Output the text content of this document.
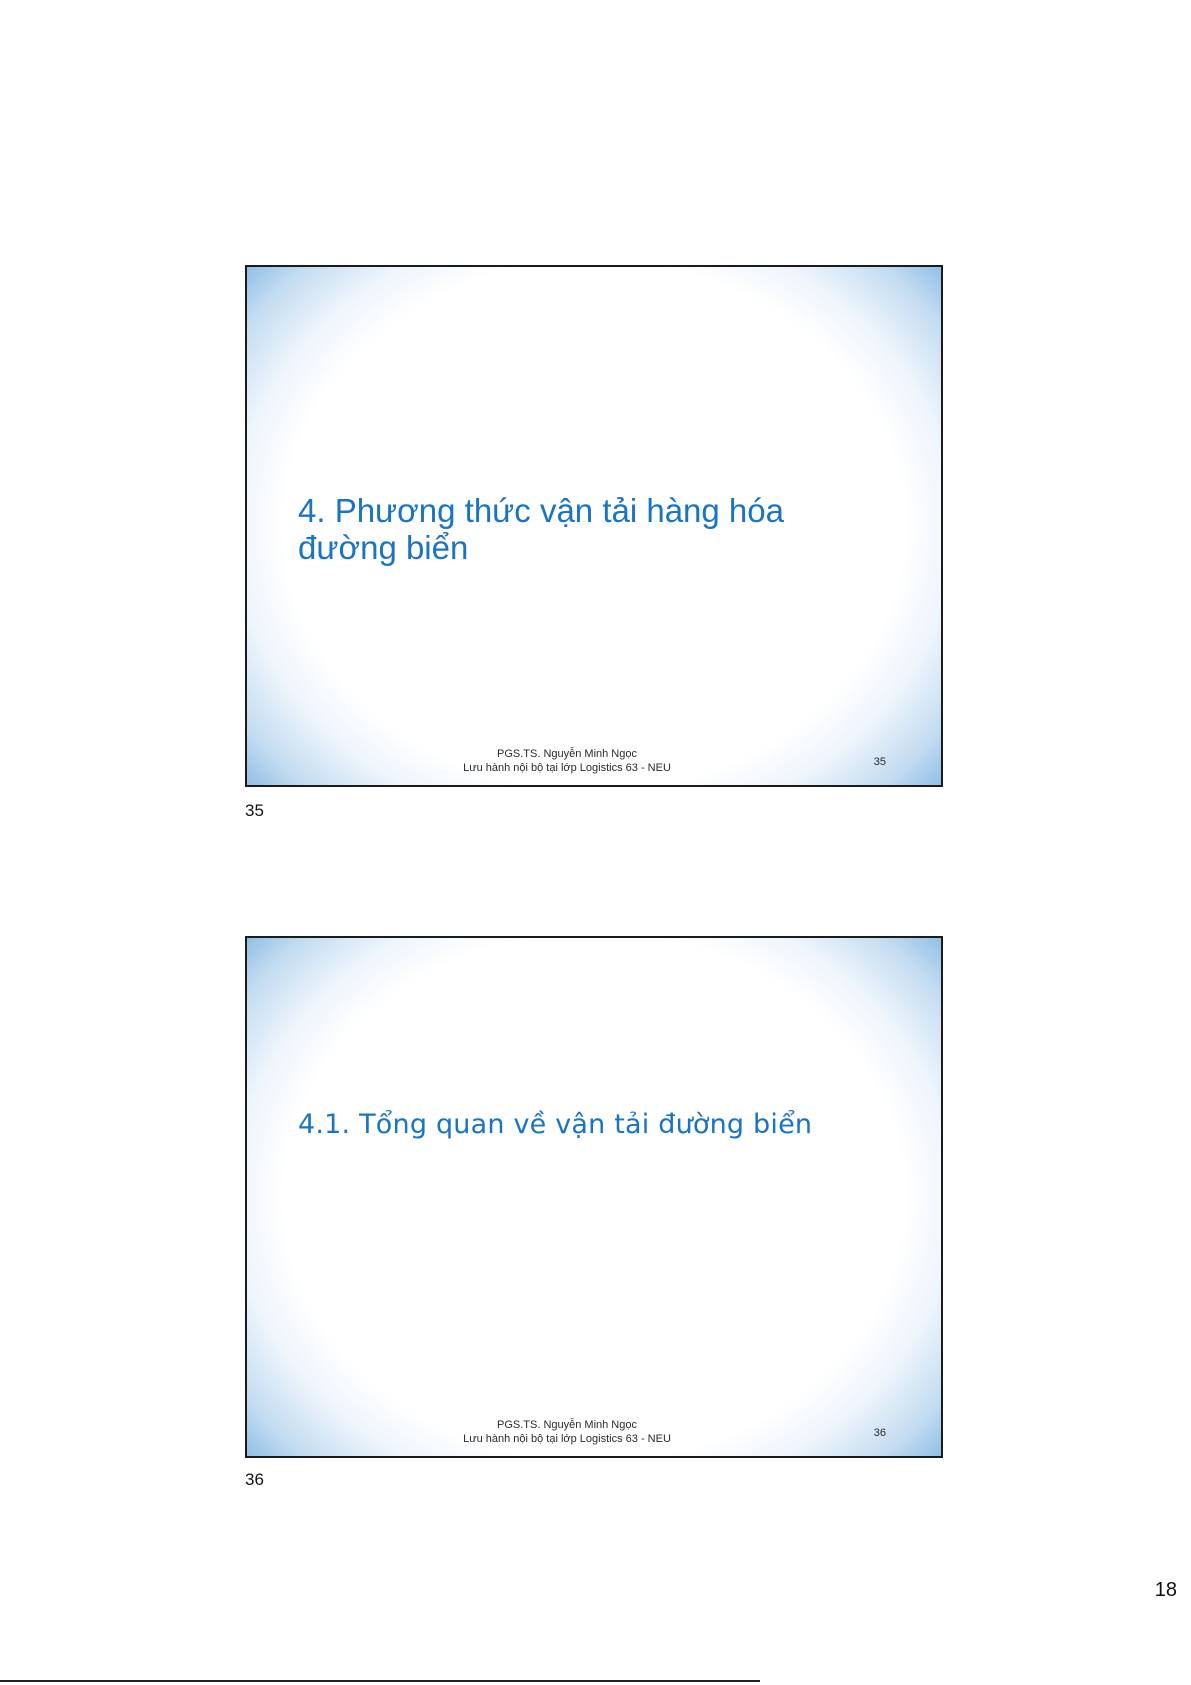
4. Phương thức vận tải hàng hóa
đường biển
PGS.TS. Nguyễn Minh Ngọc
Lưu hành nội bộ tại lớp Logistics 63 - NEU	35
35
4.1. Tổng quan về vận tải đường biển
PGS.TS. Nguyễn Minh Ngọc
Lưu hành nội bộ tại lớp Logistics 63 - NEU	36
36
18
